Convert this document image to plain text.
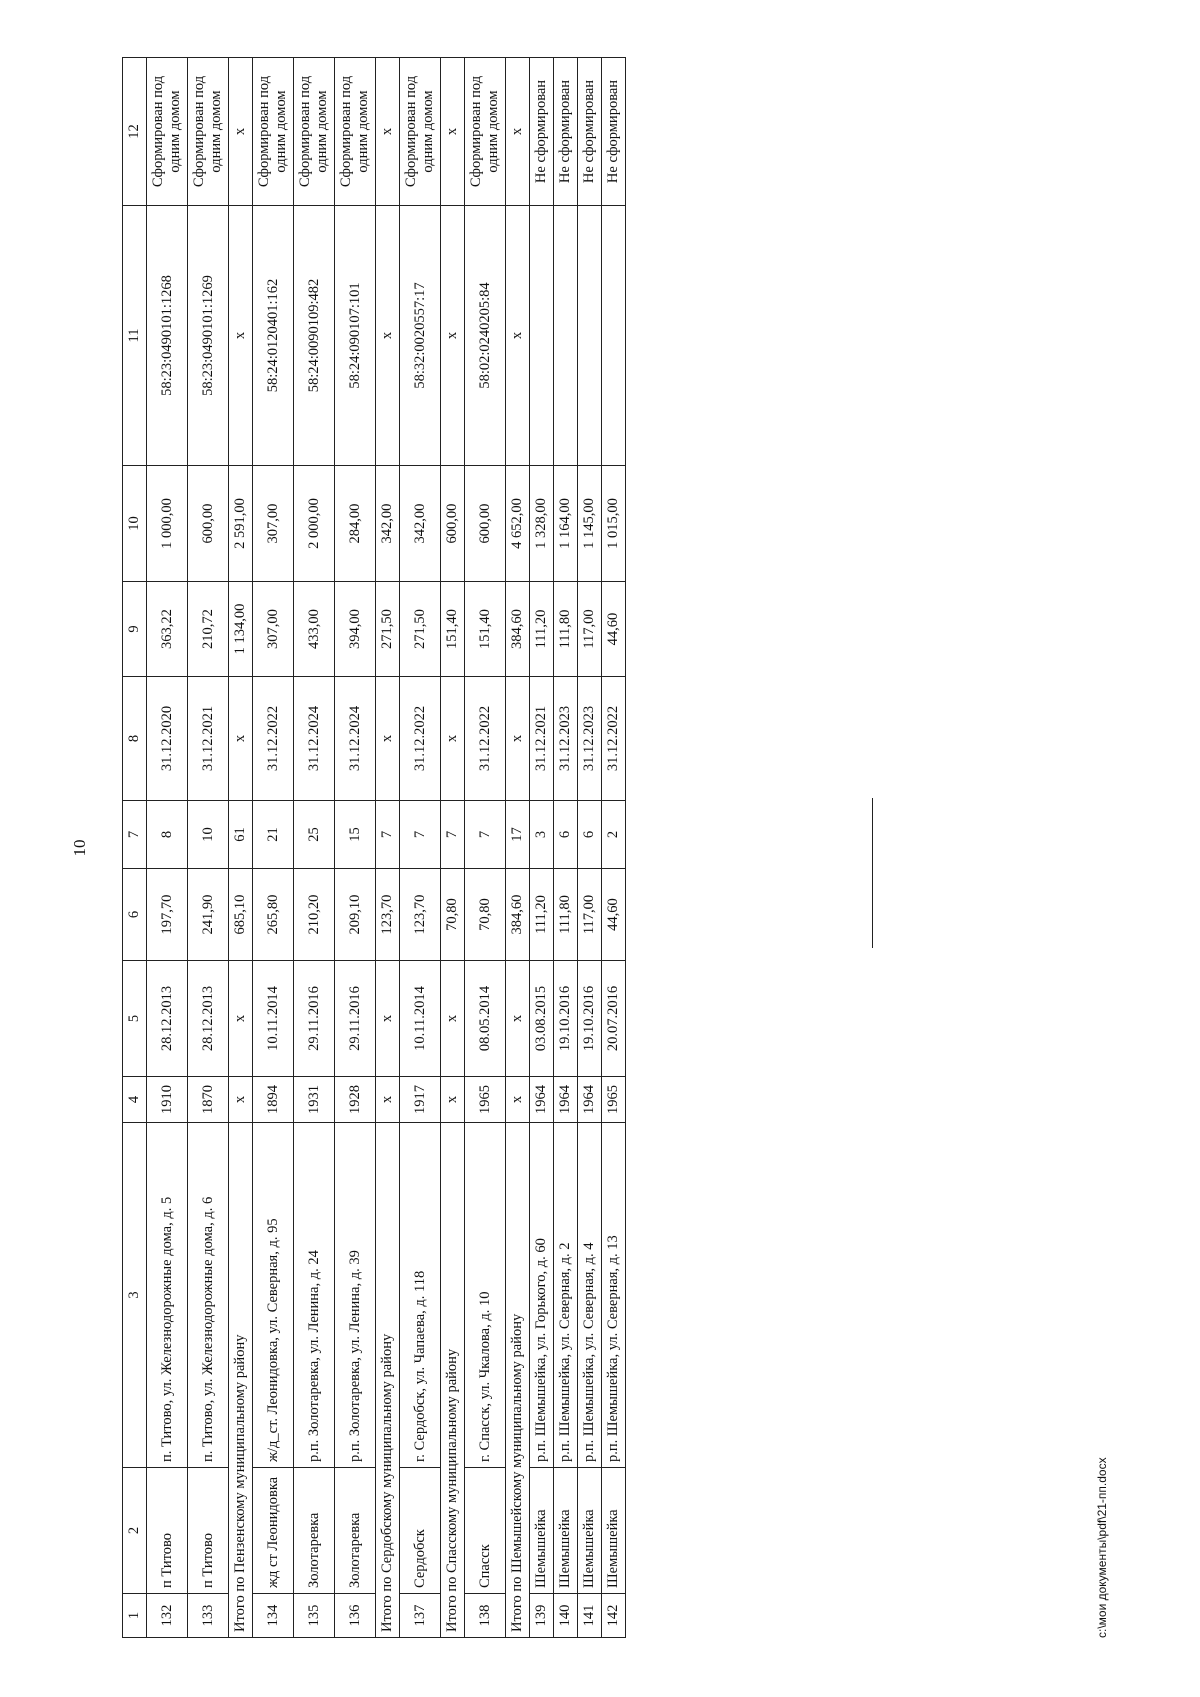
10
1	2	3	4	5	6	7	8	9	10	11	12
132	п Титово	п. Титово, ул. Железнодорожные дома, д. 5	1910	28.12.2013	197,70	8	31.12.2020	363,22	1 000,00	58:23:0490101:1268	Сформирован под одним домом
133	п Титово	п. Титово, ул. Железнодорожные дома, д. 6	1870	28.12.2013	241,90	10	31.12.2021	210,72	600,00	58:23:0490101:1269	Сформирован под одним домом
Итого по Пензенскому муниципальному району			х	х	685,10	61	х	1 134,00	2 591,00	х	х
134	жд ст Леонидовка	ж/д_ст. Леонидовка, ул. Северная, д. 95	1894	10.11.2014	265,80	21	31.12.2022	307,00	307,00	58:24:0120401:162	Сформирован под одним домом
135	Золотаревка	р.п. Золотаревка, ул. Ленина, д. 24	1931	29.11.2016	210,20	25	31.12.2024	433,00	2 000,00	58:24:0090109:482	Сформирован под одним домом
136	Золотаревка	р.п. Золотаревка, ул. Ленина, д. 39	1928	29.11.2016	209,10	15	31.12.2024	394,00	284,00	58:24:090107:101	Сформирован под одним домом
Итого по Сердобскому муниципальному району			х	х	123,70	7	х	271,50	342,00	х	х
137	Сердобск	г. Сердобск, ул. Чапаева, д. 118	1917	10.11.2014	123,70	7	31.12.2022	271,50	342,00	58:32:0020557:17	Сформирован под одним домом
Итого по Спасскому муниципальному району			х	х	70,80	7	х	151,40	600,00	х	х
138	Спасск	г. Спасск, ул. Чкалова, д. 10	1965	08.05.2014	70,80	7	31.12.2022	151,40	600,00	58:02:0240205:84	Сформирован под одним домом
Итого по Шемышейскому муниципальному району			х	х	384,60	17	х	384,60	4 652,00	х	х
139	Шемышейка	р.п. Шемышейка, ул. Горького, д. 60	1964	03.08.2015	111,20	3	31.12.2021	111,20	1 328,00		Не сформирован
140	Шемышейка	р.п. Шемышейка, ул. Северная, д. 2	1964	19.10.2016	111,80	6	31.12.2023	111,80	1 164,00		Не сформирован
141	Шемышейка	р.п. Шемышейка, ул. Северная, д. 4	1964	19.10.2016	117,00	6	31.12.2023	117,00	1 145,00		Не сформирован
142	Шемышейка	р.п. Шемышейка, ул. Северная, д. 13	1965	20.07.2016	44,60	2	31.12.2022	44,60	1 015,00		Не сформирован
c:\мои документы\pdf\21-пп.docx
